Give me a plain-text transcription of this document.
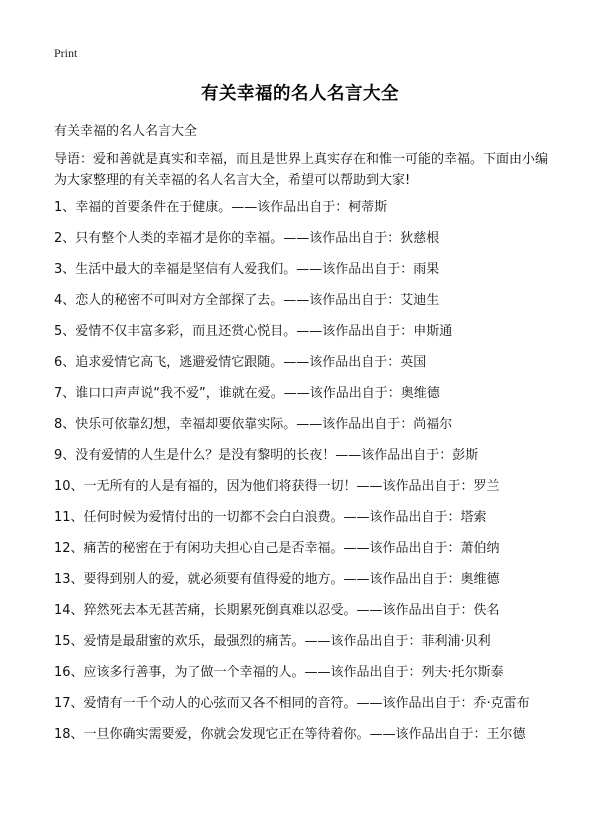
Print
有关幸福的名人名言大全
有关幸福的名人名言大全
导语：爱和善就是真实和幸福，而且是世界上真实存在和惟一可能的幸福。下面由小编为大家整理的有关幸福的名人名言大全，希望可以帮助到大家!
1、幸福的首要条件在于健康。——该作品出自于：柯蒂斯
2、只有整个人类的幸福才是你的幸福。——该作品出自于：狄慈根
3、生活中最大的幸福是坚信有人爱我们。——该作品出自于：雨果
4、恋人的秘密不可叫对方全部探了去。——该作品出自于：艾迪生
5、爱情不仅丰富多彩，而且还赏心悦目。——该作品出自于：申斯通
6、追求爱情它高飞，逃避爱情它跟随。——该作品出自于：英国
7、谁口口声声说“我不爱”，谁就在爱。——该作品出自于：奥维德
8、快乐可依靠幻想，幸福却要依靠实际。——该作品出自于：尚福尔
9、没有爱情的人生是什么？是没有黎明的长夜！——该作品出自于：彭斯
10、一无所有的人是有福的，因为他们将获得一切！——该作品出自于：罗兰
11、任何时候为爱情付出的一切都不会白白浪费。——该作品出自于：塔索
12、痛苦的秘密在于有闲功夫担心自己是否幸福。——该作品出自于：萧伯纳
13、要得到别人的爱，就必须要有值得爱的地方。——该作品出自于：奥维德
14、猝然死去本无甚苦痛，长期累死倒真难以忍受。——该作品出自于：佚名
15、爱情是最甜蜜的欢乐，最强烈的痛苦。——该作品出自于：菲利浦·贝利
16、应该多行善事，为了做一个幸福的人。——该作品出自于：列夫·托尔斯泰
17、爱情有一千个动人的心弦而又各不相同的音符。——该作品出自于：乔·克雷布
18、一旦你确实需要爱，你就会发现它正在等待着你。——该作品出自于：王尔德
